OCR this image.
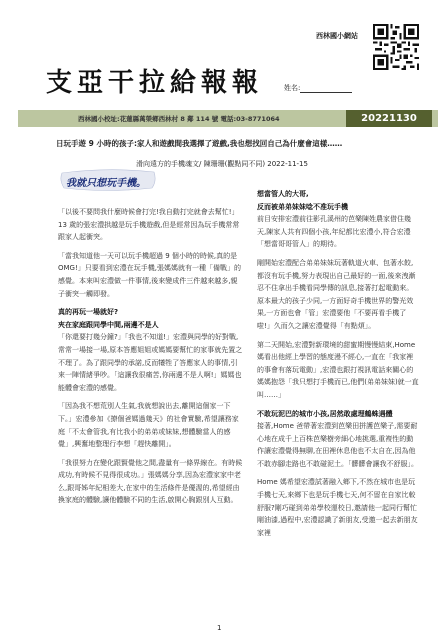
西林國小網站
支亞干拉給報報	姓名:
西林國小校址:花蓮縣萬榮鄉西林村 8 鄰 114 號 電話:03-8771064	20221130
日玩手遊 9 小時的孩子:家人和遊戲間我選擇了遊戲,我也想找回自己為什麼會這樣……
我就只想玩手機。
滑向遠方的手機魂文/ 陳珊珊(觀點同不同) 2022-11-15

「以後不要問我什麼時候會打完!我自動打完就會去幫忙!」13 歲的張宏澧拱越是玩手機遊戲,但是經常因為玩手機常常跟家人起衝突。

「當我知道他一天可以玩手機超過 9 個小時的時候,真的是 OMG!」只要看到宏澧在玩手機,張媽媽就有一種「備戰」的感覺。本來叫宏澧做一件事情,後來變成件三件越來越多,親子衝突一觸即發。

真的再玩一場就好?

夾在家庭跟同學中間,兩邊不是人

「你還要打幾分鐘?」「我也不知道!」宏澧與同學的好對戰,常常一場接一場,原本答應姐姐或媽媽要幫忙的家事就先置之不理了。為了跟同學的承諾,反而犧牲了答應家人的事情,引來一陣情緒爭吵。「這讓我很痛苦,你兩邊不是人啊!」媽媽也能體會宏澧的感覺。

「因為我不想荒別人生氣,我就想說出去,離開這個家一下下。」宏澧參加《撩個爸媽過幾天》的社會實驗,希望讓務家庭「不太會管我,有比我小的弟弟或妹妹,想體驗當人的感覺」,興奮地整理行李想「趕快離開」。

「我很努力在變化跟賢覺他之間,盡量有一條界線在。有時候成功,有時候不見得很成功。」張媽媽分享,因為宏澧家家中老么,跟哥姊年紀相差大,在家中的生活條件是優渥的,希望經由換家庭的體驗,讓他體驗不同的生活,啟開心胸跟別人互動。

想當管人的大哥,

反而被弟弟妹妹唸不准玩手機

前目安排宏澧前往影孔溪州的芭樂陳姓農家借住幾天,陳家人共有四個小孩,年紀都比宏澧小,符合宏澧「想當哥哥管人」的期待。

剛開始宏澧配合弟弟妹妹玩著軌道火車、包著水餃,都沒有玩手機,努力表現出自己最好的一面,後來洩漸忍不住拿出手機看同學傳的訊息,接著打起電動來。原本最大的孩子少同,一方面好奇手機世界的警光效果,一方面也會「管」宏澧要他「不要再看手機了啦!」久而久之讓宏澧覺得「有點煩」。

第二天開始,宏澧對新環境的甜蜜期慢慢結束,Home 媽看出他經上學習的態度漫不經心,一直在「我家裡的事會有落玩電動」,宏澧也跟打視訊電話來關心的媽媽抱怨「我只想打手機而已,他們(弟弟妹妹)就一直叫……」

不敢玩泥巴的城市小孩,居然敢處理鶴蛛遇體

接著,Home 爸帶著宏澧到芭樂田拼護芭樂子,需要耐心地在成千上百株芭樂樹旁細心地挑選,重複性的動作讓宏澧覺得無聊,在田裡休息他也不太自在,因為他不敢赤腳走路也不敢碰泥土。「髒髒會讓我不舒服」。

Home 媽希望宏澧試著融入鄉下,不然在城市也是玩手機七天,來鄉下也是玩手機七天,何不留在自家比較舒服?剛巧碰到弟弟學校運校日,邀請他一起同行幫忙剛油漆,過程中,宏澧認識了新朋友,受邀一起去新朋友家裡

1
